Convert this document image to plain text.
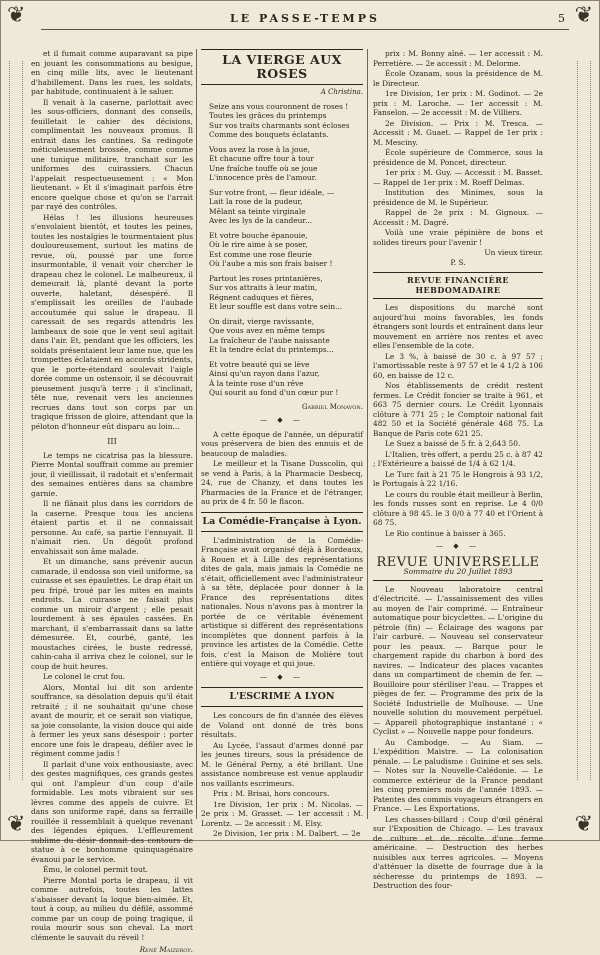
❦	❦
❦	❦
LE PASSE-TEMPS	5

et il fumait comme auparavant sa pipe en jouant les consommations au besigue, en cinq mille lits, avec le lieutenant d'habillement. Dans les rues, les soldats, par habitude, continuaient à le saluer.

Il venait à la caserne, parlottait avec les sous-officiers, donnant des conseils, feuilletait le cahier des décisions, complimentait les nouveaux promus. Il entrait dans les cantines. Sa redingote méticuleusement brossée, comme comme une tunique militaire, tranchait sur les uniformes des cuirassiers. Chacun l'appelait respectueusement : « Mon lieutenant. » Et il s'imaginait parfois être encore quelque chose et qu'on se l'arrait par rayé des contrôles.

Hélas ! les illusions heureuses s'envolaient bientôt, et toutes les peines, toutes les nostalgies le tourmentaient plus douloureusement, surtout les matins de revue, où, poussé par une force insurmontable, il venait voir chercher le drapeau chez le colonel. Le malheureux, il demeurait là, planté devant la porte ouverte, haletant, désespéré. Il s'emplissait les oreilles de l'aubade accoutumée qui salue le drapeau. Il caressait de ses regards attendris les lambeaux de soie que le vent seul agitait dans l'air. Et, pendant que les officiers, les soldats présentaient leur lame nue, que les trompettes éclataient en accords stridents, que le porte-étendard soulevait l'aigle dorée comme un ostensoir, il se découvrait pieusement jusqu'à terre ; il s'inclinait, tête nue, revenait vers les anciennes recrues dans tout son corps par un tragique frisson de gloire, attendant que la péloton d'honneur eût disparu au loin...

III

Le temps ne cicatrisa pas la blessure. Pierre Montal souffrait comme au premier jour, il vieillissait, il radotait et s'enfermait des semaines entières dans sa chambre garnie.

Il ne flânait plus dans les corridors de la caserne. Presque tous les anciens étaient partis et il ne connaissait personne. Au café, sa partie l'ennuyait. Il n'aimait rien. Un dégoût profond envahissait son âme malade.

Et un dimanche, sans prévenir aucun camarade, il endossa son vieil uniforme, sa cuirasse et ses épaulettes. Le drap était un peu fripé, troué par les mites en maints endroits. La cuirasse ne faisait plus comme un miroir d'argent ; elle pesait lourdement à ses épaules cassées. En marchant, il s'embarrassait dans sa latte démesurée. Et, courbé, ganté, les moustaches cirées, le buste redressé, cahin-caha il arriva chez le colonel, sur le coup de huit heures.

Le colonel le crut fou.

Alors, Montal lui dit son ardente souffrance, sa désolation depuis qu'il était retraité ; il ne souhaitait qu'une chose avant de mourir, et ce serait son viatique, sa joie consolante, la vision douce qui aide à fermer les yeux sans désespoir : porter encore une fois le drapeau, défiler avec le régiment comme jadis !

Il parlait d'une voix enthousiaste, avec des gestes magnifiques, ces grands gestes qui ont l'ampleur d'un coup d'aile formidable. Les mots vibraient sur ses lèvres comme des appels de cuivre. Et dans son uniforme rapé, dans sa ferraille rouillée il ressemblait à quelque revenant des légendes épiques. L'effleurement sublime du désir donnait des contours de statue à ce bonhomme quinquagénaire évanoui par le service.

Ému, le colonel permit tout.

Pierre Montal porta le drapeau, il vit comme autrefois, toutes les lattes s'abaisser devant la loque bien-aimée. Et, tout à coup, au milieu du défilé, assommé comme par un coup de poing tragique, il roula mourir sous son cheval. La mort clémente le sauvait du réveil !

René Maizeroy.
LA VIERGE AUX ROSES
A Christina.
Seize ans vous couronnent de roses !
Toutes les grâces du printemps
Sur vos traits charmants sont écloses
Comme des bouquets éclatants.
Vous avez la rose à la joue,
Et chacune offre tour à tour
Une fraîche touffe où se joue
L'innocence près de l'amour.
Sur votre front, — fleur idéale, —
Lait la rose de la pudeur,
Mêlant sa teinte virginale
Avec les lys de la candeur...
Et votre bouche épanouie,
Où le rire aime à se poser,
Est comme une rose fleurie
Où l'aube a mis son frais baiser !
Partout les roses printanières,
Sur vos attraits à leur matin,
Régnent caduques et fières,
Et leur souffle est dans votre sein...
On dirait, vierge ravissante,
Que vous avez en même temps
La fraîcheur de l'aube naissante
Et la tendre éclat du printemps...
Et votre beauté qui se lève
Ainsi qu'un rayon dans l'azur,
À la teinte rose d'un rêve
Qui sourit au fond d'un cœur pur !
Gabriel Monavon.
— ◆ —

A cette époque de l'année, un dépuratif vous préservera de bien des ennuis et de beaucoup de maladies.

Le meilleur et la Tisane Dusscolin, qui se vend à Paris, à la Pharmacie Desbecq, 24, rue de Chanzy, et dans toutes les Pharmacies de la France et de l'étranger, au prix de 4 fr. 50 le flacon.

La Comédie-Française à Lyon.

L'administration de la Comédie-Française avait organisé déjà à Bordeaux, à Rouen et à Lille des représentations dites de gala, mais jamais la Comédie ne s'était, officiellement avec l'administrateur à sa tête, déplacée pour donner à la France des représentations dites nationales. Nous n'avons pas à montrer la portée de ce véritable événement artistique si différent des représentations incomplètes que donnent parfois à la province les artistes de la Comédie. Cette fois, c'est la Maison de Molière tout entière qui voyage et qui joue.

— ◆ —
L'ESCRIME A LYON

Les concours de fin d'année des élèves de Voland ont donné de très bons résultats.

Au Lycée, l'assaut d'armes donné par les jeunes tireurs, sous la présidence de M. le Général Perny, a été brillant. Une assistance nombreuse est venue applaudir nos vaillants escrimeurs.

Prix : M. Brisai, hors concours.

1re Division, 1er prix : M. Nicolas. — 2e prix : M. Grasset. — 1er accessit : M. Lorentz. — 2e accessit : M. Elsy.

2e Division, 1er prix : M. Dalbert. — 2e

prix : M. Bonny aîné. — 1er accessit : M. Perretière. — 2e accessit : M. Delorme.

École Ozanam, sous la présidence de M. le Directeur.

1re Division, 1er prix : M. Godinot. — 2e prix : M. Laroche. — 1er accessit : M. Fanselon. — 2e accessit : M. de Villiers.

2e Division. — Prix : M. Tresca. — Accessit : M. Guaet. — Rappel de 1er prix : M. Mesciny.

École supérieure de Commerce, sous la présidence de M. Poncet, directeur.

1er prix : M. Guy. — Accessit : M. Basset. — Rappel de 1er prix : M. Roeff Delmas.

Institution des Minimes, sous la présidence de M. le Supérieur.

Rappel de 2e prix : M. Gignoux. — Accessit : M. Dagré.

Voilà une vraie pépinière de bons et solides tireurs pour l'avenir !

Un vieux tireur.
P. S.
REVUE FINANCIÈRE HEBDOMADAIRE

Les dispositions du marché sont aujourd'hui moins favorables, les fonds étrangers sont lourds et entraînent dans leur mouvement en arrière nos rentes et avec elles l'ensemble de la cote.

Le 3 %, à baissé de 30 c. à 97 57 ; l'amortissable reste à 97 57 et le 4 1/2 à 106 60, en baisse de 12 c.

Nos établissements de crédit restent fermes. Le Crédit foncier se traite à 961, et 663 75 dernier cours. Le Crédit Lyonnais clôture à 771 25 ; le Comptoir national fait 482 50 et la Société générale 468 75. La Banque de Paris cote 621 25.

Le Suez a baissé de 5 fr. à 2,643 50.

L'Italien, très offert, a perdu 25 c. à 87 42 ; l'Extérieure a baissé de 1/4 à 62 1/4.

Le Turc fait à 21 75 le Hongrois à 93 1/2, le Portugais à 22 1/16.

Le cours du rouble était meilleur à Berlin, les fonds russes sont en reprise. Le 4 0/0 clôture à 98 45. le 3 0/0 à 77 40 et l'Orient à 68 75.

Le Rio continue à baisser à 365.

— ◆ —
REVUE UNIVERSELLE
Sommaire du 20 Juillet 1893

Le Nouveau laboratoire central d'électricité. — L'assainissement des villes au moyen de l'air comprimé. — Entraîneur automatique pour bicyclettes. — L'origine du pétrole (fin) — Éclairage des wagons par l'air carburé. — Nouveau sel conservateur pour les peaux. — Barque pour le chargement rapide du charbon à bord des navires. — Indicateur des places vacantes dans un compartiment de chemin de fer. — Bouilloire pour stériliser l'eau. — Trappes et pièges de fer. — Programme des prix de la Société Industrielle de Mulhouse. — Une nouvelle solution du mouvement perpétuel. — Appareil photographique instantané : « Cyclist » — Nouvelle nappe pour fondeurs.

Au Cambodge. — Au Siam. — L'expédition Maistre. — La colonisation pénale. — Le paludisme : Guinine et ses sels. — Notes sur la Nouvelle-Calédonie. — Le commerce extérieur de la France pendant les cinq premiers mois de l'année 1893. — Patentes des commis voyageurs étrangers en France. — Les Exportations.

Les chasses-billard : Coup d'œil général sur l'Exposition de Chicago. — Les travaux de culture et de récolte d'une ferme américaine. — Destruction des herbes nuisibles aux terres agricoles. — Moyens d'atténuer la disette de fourrage due à la sécheresse du printemps de 1893. — Destruction des four-
